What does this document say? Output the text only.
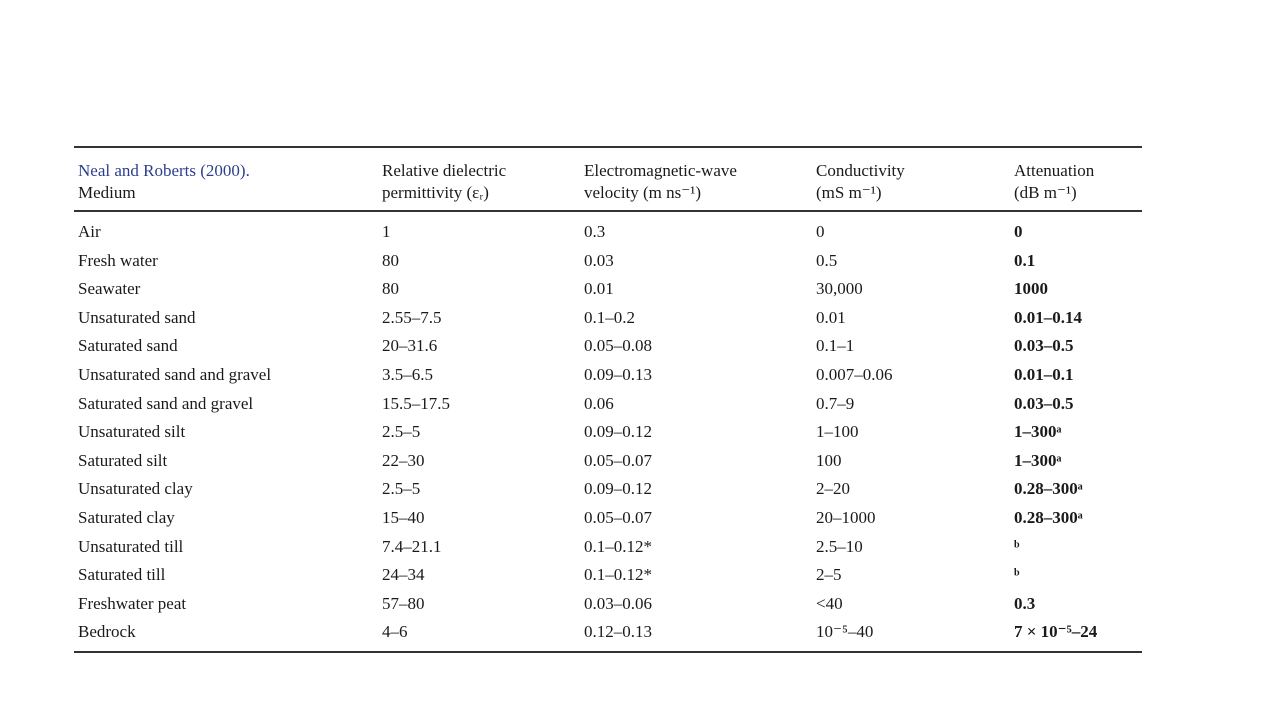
Neal and Roberts (2000).	Relative dielectric	Electromagnetic-wave	Conductivity	Attenuation
Medium	permittivity (εᵣ)	velocity (m ns⁻¹)	(mS m⁻¹)	(dB m⁻¹)
Air	1	0.3	0	0
Fresh water	80	0.03	0.5	0.1
Seawater	80	0.01	30,000	1000
Unsaturated sand	2.55–7.5	0.1–0.2	0.01	0.01–0.14
Saturated sand	20–31.6	0.05–0.08	0.1–1	0.03–0.5
Unsaturated sand and gravel	3.5–6.5	0.09–0.13	0.007–0.06	0.01–0.1
Saturated sand and gravel	15.5–17.5	0.06	0.7–9	0.03–0.5
Unsaturated silt	2.5–5	0.09–0.12	1–100	1–300ᵃ
Saturated silt	22–30	0.05–0.07	100	1–300ᵃ
Unsaturated clay	2.5–5	0.09–0.12	2–20	0.28–300ᵃ
Saturated clay	15–40	0.05–0.07	20–1000	0.28–300ᵃ
Unsaturated till	7.4–21.1	0.1–0.12*	2.5–10	ᵇ
Saturated till	24–34	0.1–0.12*	2–5	ᵇ
Freshwater peat	57–80	0.03–0.06	<40	0.3
Bedrock	4–6	0.12–0.13	10⁻⁵–40	7 × 10⁻⁵–24
